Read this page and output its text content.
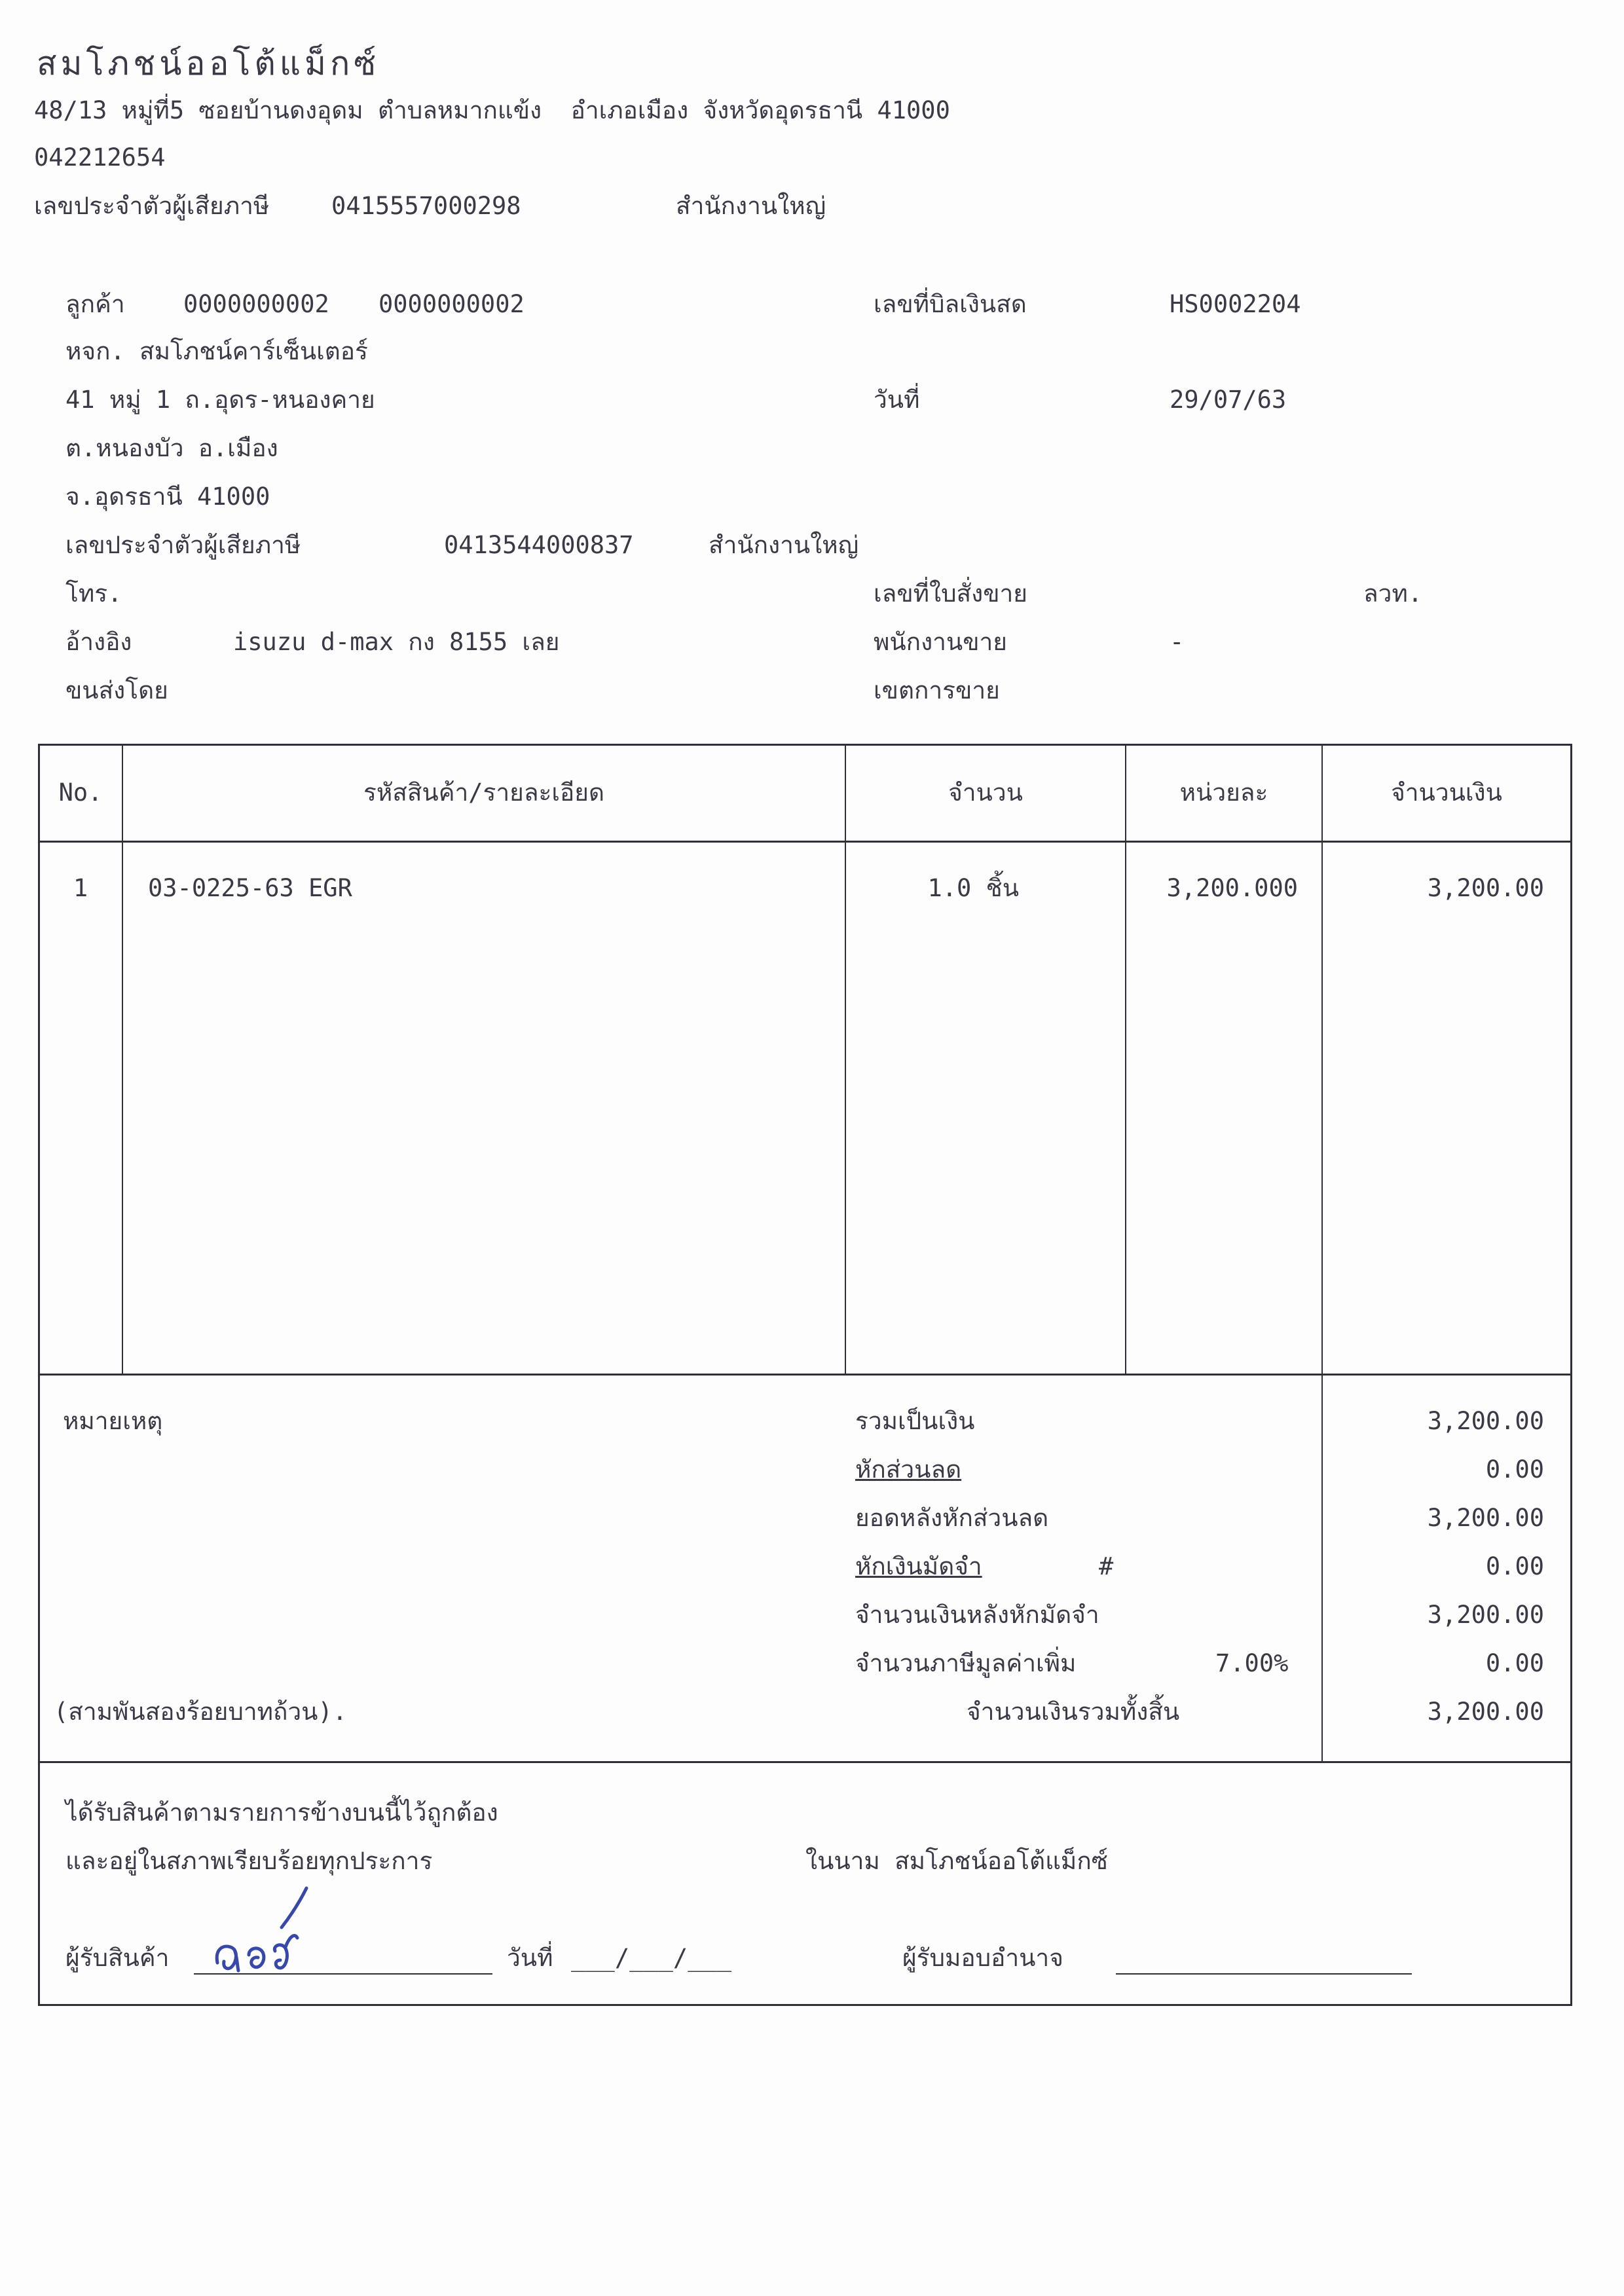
สมโภชน์ออโต้แม็กซ์
48/13 หมู่ที่5 ซอยบ้านดงอุดม ตำบลหมากแข้ง  อำเภอเมือง จังหวัดอุดรธานี 41000
042212654
เลขประจำตัวผู้เสียภาษี	0415557000298	สำนักงานใหญ่
ลูกค้า 0000000002 0000000002
หจก. สมโภชน์คาร์เซ็นเตอร์
41 หมู่ 1 ถ.อุดร-หนองคาย
ต.หนองบัว อ.เมือง
จ.อุดรธานี 41000
เลขประจำตัวผู้เสียภาษี	0413544000837	สำนักงานใหญ่
โทร.
อ้างอิง	isuzu d-max กง 8155 เลย
ขนส่งโดย
เลขที่บิลเงินสด	HS0002204
วันที่	29/07/63
เลขที่ใบสั่งขาย	ลวท.
พนักงานขาย	-
เขตการขาย
No.	รหัสสินค้า/รายละเอียด	จำนวน	หน่วยละ	จำนวนเงิน
1	03-0225-63 EGR	1.0 ชิ้น	3,200.000	3,200.00
หมายเหตุ
(สามพันสองร้อยบาทถ้วน).
รวมเป็นเงิน	3,200.00
หักส่วนลด	0.00
ยอดหลังหักส่วนลด	3,200.00
หักเงินมัดจำ	#	0.00
จำนวนเงินหลังหักมัดจำ	3,200.00
จำนวนภาษีมูลค่าเพิ่ม	7.00%	0.00
จำนวนเงินรวมทั้งสิ้น	3,200.00
ได้รับสินค้าตามรายการข้างบนนี้ไว้ถูกต้อง
และอยู่ในสภาพเรียบร้อยทุกประการ	ในนาม สมโภชน์ออโต้แม็กซ์
ผู้รับสินค้า	วันที่ ___/___/___	ผู้รับมอบอำนาจ
